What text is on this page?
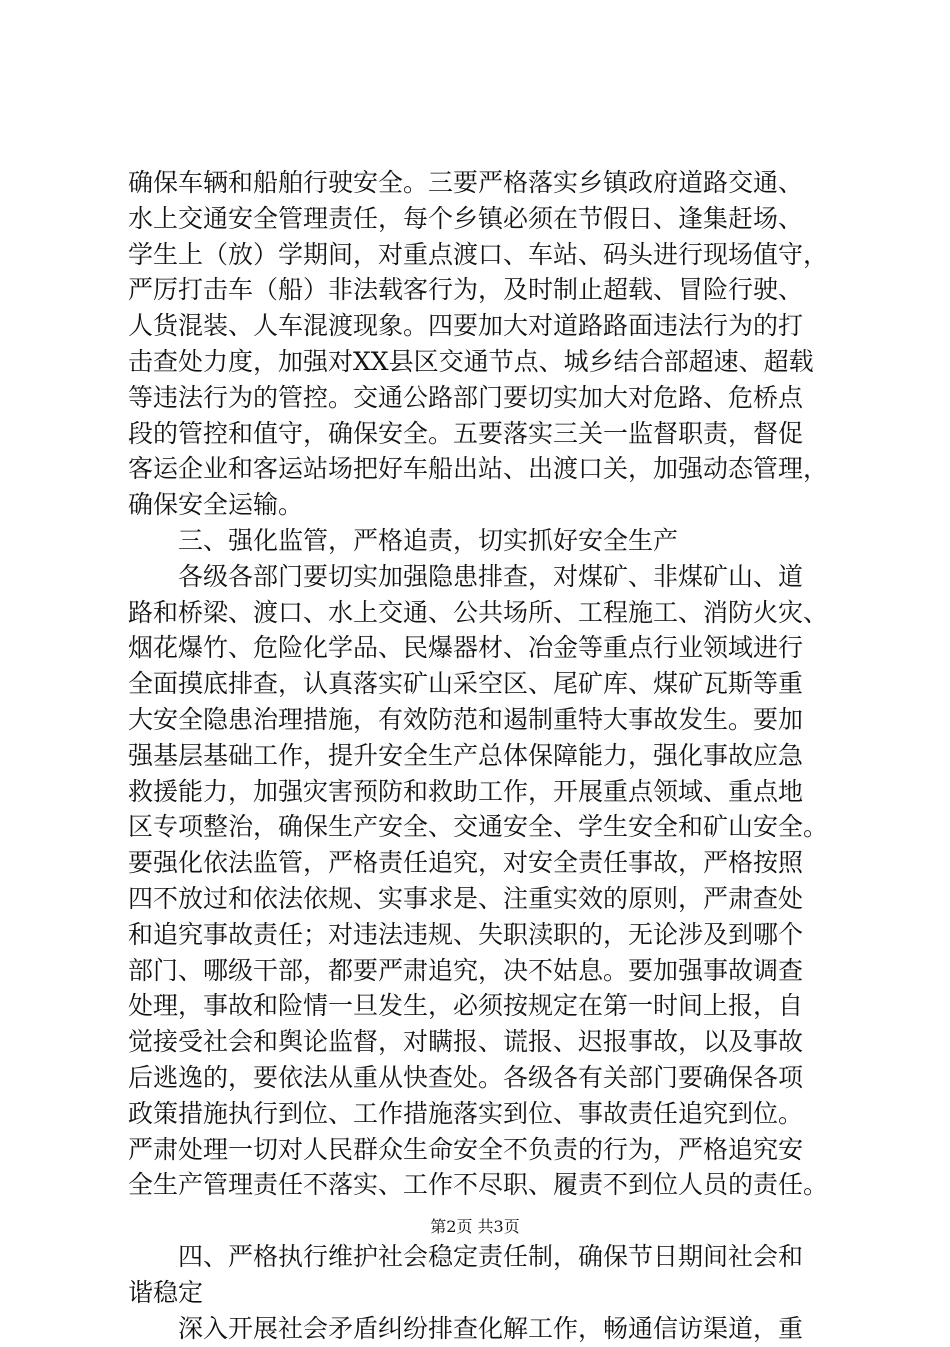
确保车辆和船舶行驶安全。三要严格落实乡镇政府道路交通、
水上交通安全管理责任，每个乡镇必须在节假日、逢集赶场、
学生上（放）学期间，对重点渡口、车站、码头进行现场值守，
严厉打击车（船）非法载客行为，及时制止超载、冒险行驶、
人货混装、人车混渡现象。四要加大对道路路面违法行为的打
击查处力度，加强对XX县区交通节点、城乡结合部超速、超载
等违法行为的管控。交通公路部门要切实加大对危路、危桥点
段的管控和值守，确保安全。五要落实三关一监督职责，督促
客运企业和客运站场把好车船出站、出渡口关，加强动态管理，
确保安全运输。
　　三、强化监管，严格追责，切实抓好安全生产
　　各级各部门要切实加强隐患排查，对煤矿、非煤矿山、道
路和桥梁、渡口、水上交通、公共场所、工程施工、消防火灾、
烟花爆竹、危险化学品、民爆器材、冶金等重点行业领域进行
全面摸底排查，认真落实矿山采空区、尾矿库、煤矿瓦斯等重
大安全隐患治理措施，有效防范和遏制重特大事故发生。要加
强基层基础工作，提升安全生产总体保障能力，强化事故应急
救援能力，加强灾害预防和救助工作，开展重点领域、重点地
区专项整治，确保生产安全、交通安全、学生安全和矿山安全。
要强化依法监管，严格责任追究，对安全责任事故，严格按照
四不放过和依法依规、实事求是、注重实效的原则，严肃查处
和追究事故责任；对违法违规、失职渎职的，无论涉及到哪个
部门、哪级干部，都要严肃追究，决不姑息。要加强事故调查
处理，事故和险情一旦发生，必须按规定在第一时间上报，自
觉接受社会和舆论监督，对瞒报、谎报、迟报事故，以及事故
后逃逸的，要依法从重从快查处。各级各有关部门要确保各项
政策措施执行到位、工作措施落实到位、事故责任追究到位。
严肃处理一切对人民群众生命安全不负责的行为，严格追究安
全生产管理责任不落实、工作不尽职、履责不到位人员的责任。
　　四、严格执行维护社会稳定责任制，确保节日期间社会和
谐稳定
　　深入开展社会矛盾纠纷排查化解工作，畅通信访渠道，重
第2页 共3页
